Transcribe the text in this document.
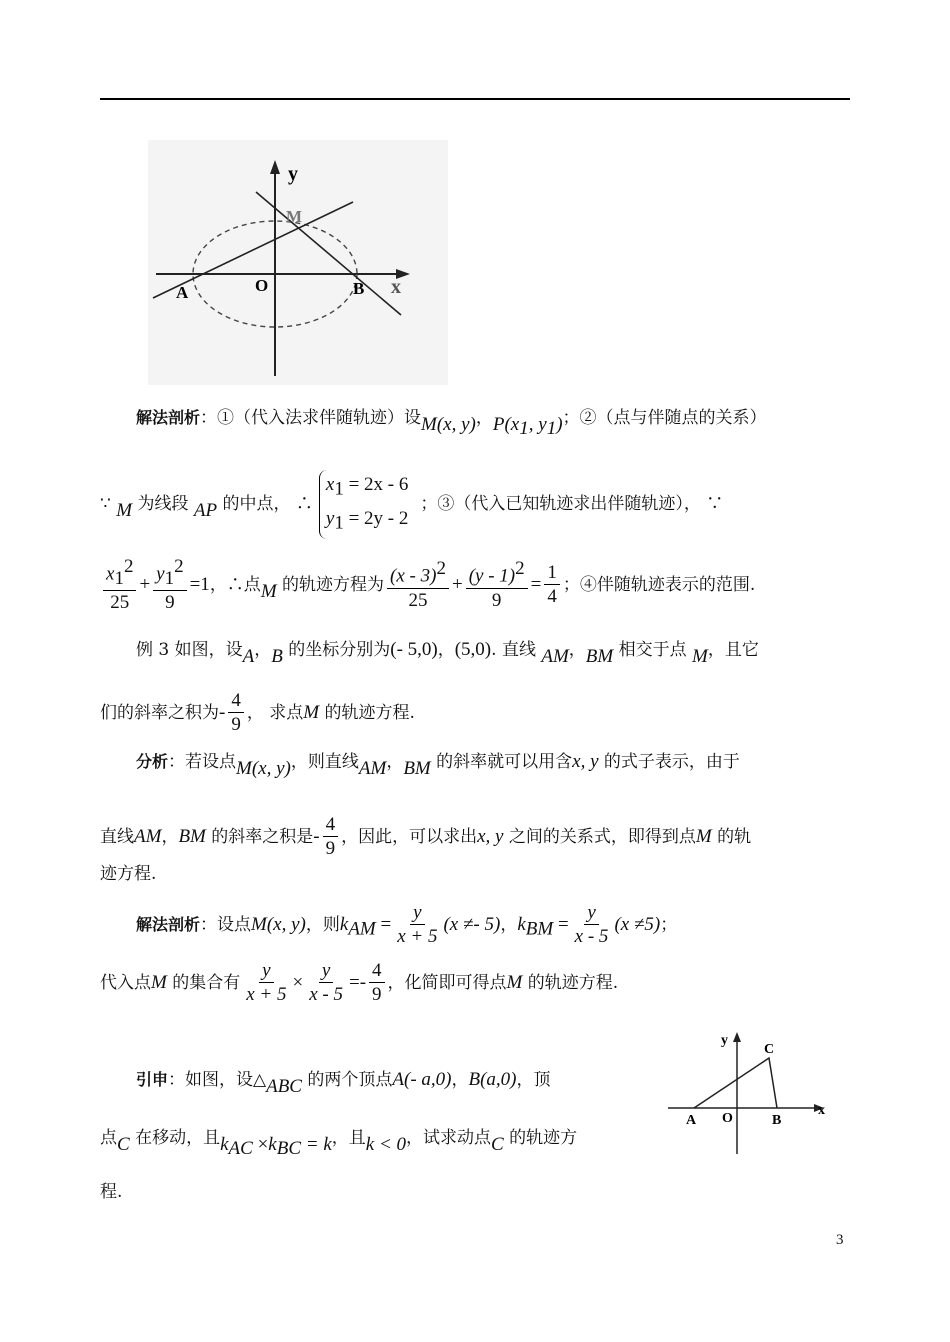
y
M
x
A	O	B
解法剖析：①（代入法求伴随轨迹）设M(x, y)，$P(x_1$, $y_1$)；②（点与伴随点的关系）
∵ M 为线段 AP 的中点， $\therefore x_1 = 2x - 6$
$y_1 = 2y - 2$；③（代入已知轨迹求出伴随轨迹）， ∵
$\frac{x_1^2}{25} + \frac{y_1^2}{9} =1$，∴点M 的轨迹方程为 $\frac{(x - 3)^2}{25} + \frac{(y - 1)^2}{9} = \frac{1}{4}$ ；④伴随轨迹表示的范围.
例 3 如图，设A，B 的坐标分别为(- 5,0)，(5,0). 直线 AM，BM 相交于点 M，且它
们的斜率之积为- $\frac{4}{9}$ ， 求点M 的轨迹方程.
分析：若设点M(x, y)，则直线AM，BM 的斜率就可以用含x, y 的式子表示，由于
直线AM，BM 的斜率之积是- $\frac{4}{9}$ ，因此，可以求出x, y 之间的关系式，即得到点M 的轨
迹方程.
解法剖析：设点M(x, y)，则$k_{AM} = \frac{y}{x + 5} (x \ne- 5)$，$k_{BM} = \frac{y}{x - 5} (x \ne 5)$；
代入点M 的集合有 $\frac{y}{x + 5} \times \frac{y}{x - 5} =- \frac{4}{9}$ ，化简即可得点M 的轨迹方程.
引申：如图，设△ABC 的两个顶点A(- a,0)，B(a,0)，顶
点C 在移动，且$k_{AC} \times k_{BC} = k$，且k < 0，试求动点C 的轨迹方
程.
y
C
A O	B
x
3
